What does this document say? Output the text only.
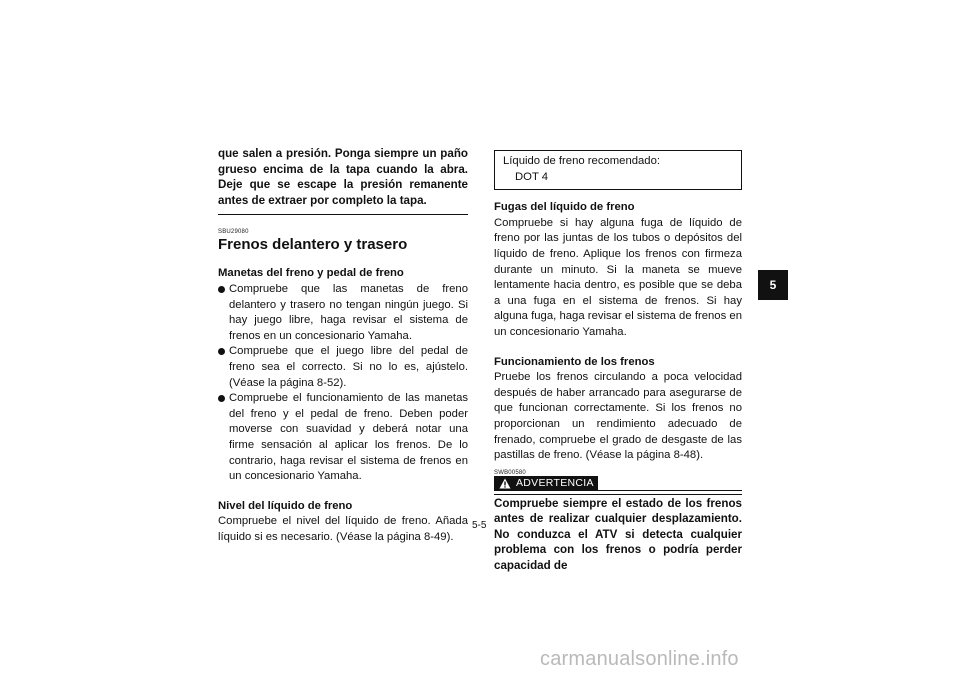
que salen a presión. Ponga siempre un paño grueso encima de la tapa cuando la abra. Deje que se escape la presión remanente antes de extraer por completo la tapa.

SBU29080
Frenos delantero y trasero
Manetas del freno y pedal de freno
Compruebe que las manetas de freno delantero y trasero no tengan ningún juego. Si hay juego libre, haga revisar el sistema de frenos en un concesionario Yamaha.
Compruebe que el juego libre del pedal de freno sea el correcto. Si no lo es, ajústelo. (Véase la página 8-52).
Compruebe el funcionamiento de las manetas del freno y el pedal de freno. Deben poder moverse con suavidad y deberá notar una firme sensación al aplicar los frenos. De lo contrario, haga revisar el sistema de frenos en un concesionario Yamaha.
Nivel del líquido de freno

Compruebe el nivel del líquido de freno. Añada líquido si es necesario. (Véase la página 8-49).

Líquido de freno recomendado:
DOT 4
Fugas del líquido de freno

Compruebe si hay alguna fuga de líquido de freno por las juntas de los tubos o depósitos del líquido de freno. Aplique los frenos con firmeza durante un minuto. Si la maneta se mueve lentamente hacia dentro, es posible que se deba a una fuga en el sistema de frenos. Si hay alguna fuga, haga revisar el sistema de frenos en un concesionario Yamaha.

Funcionamiento de los frenos

Pruebe los frenos circulando a poca velocidad después de haber arrancado para asegurarse de que funcionan correctamente. Si los frenos no proporcionan un rendimiento adecuado de frenado, compruebe el grado de desgaste de las pastillas de freno. (Véase la página 8-48).

SWB00580
ADVERTENCIA

Compruebe siempre el estado de los frenos antes de realizar cualquier desplazamiento. No conduzca el ATV si detecta cualquier problema con los frenos o podría perder capacidad de

5-5
5
carmanualsonline.info
